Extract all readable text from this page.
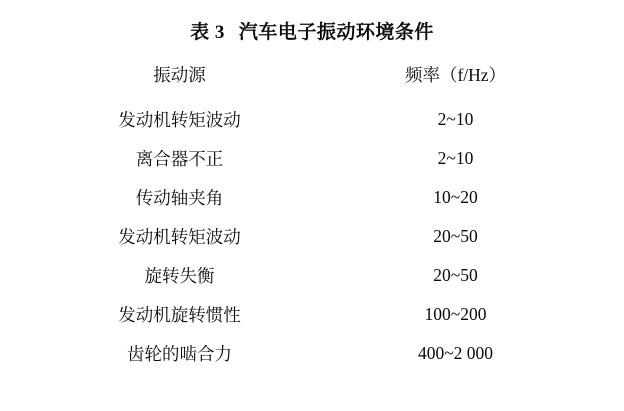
表 3 汽车电子振动环境条件

振动源	频率（f/Hz）

发动机转矩波动	2~10
离合器不正	2~10
传动轴夹角	10~20
发动机转矩波动	20~50
旋转失衡	20~50
发动机旋转惯性	100~200
齿轮的啮合力	400~2 000
